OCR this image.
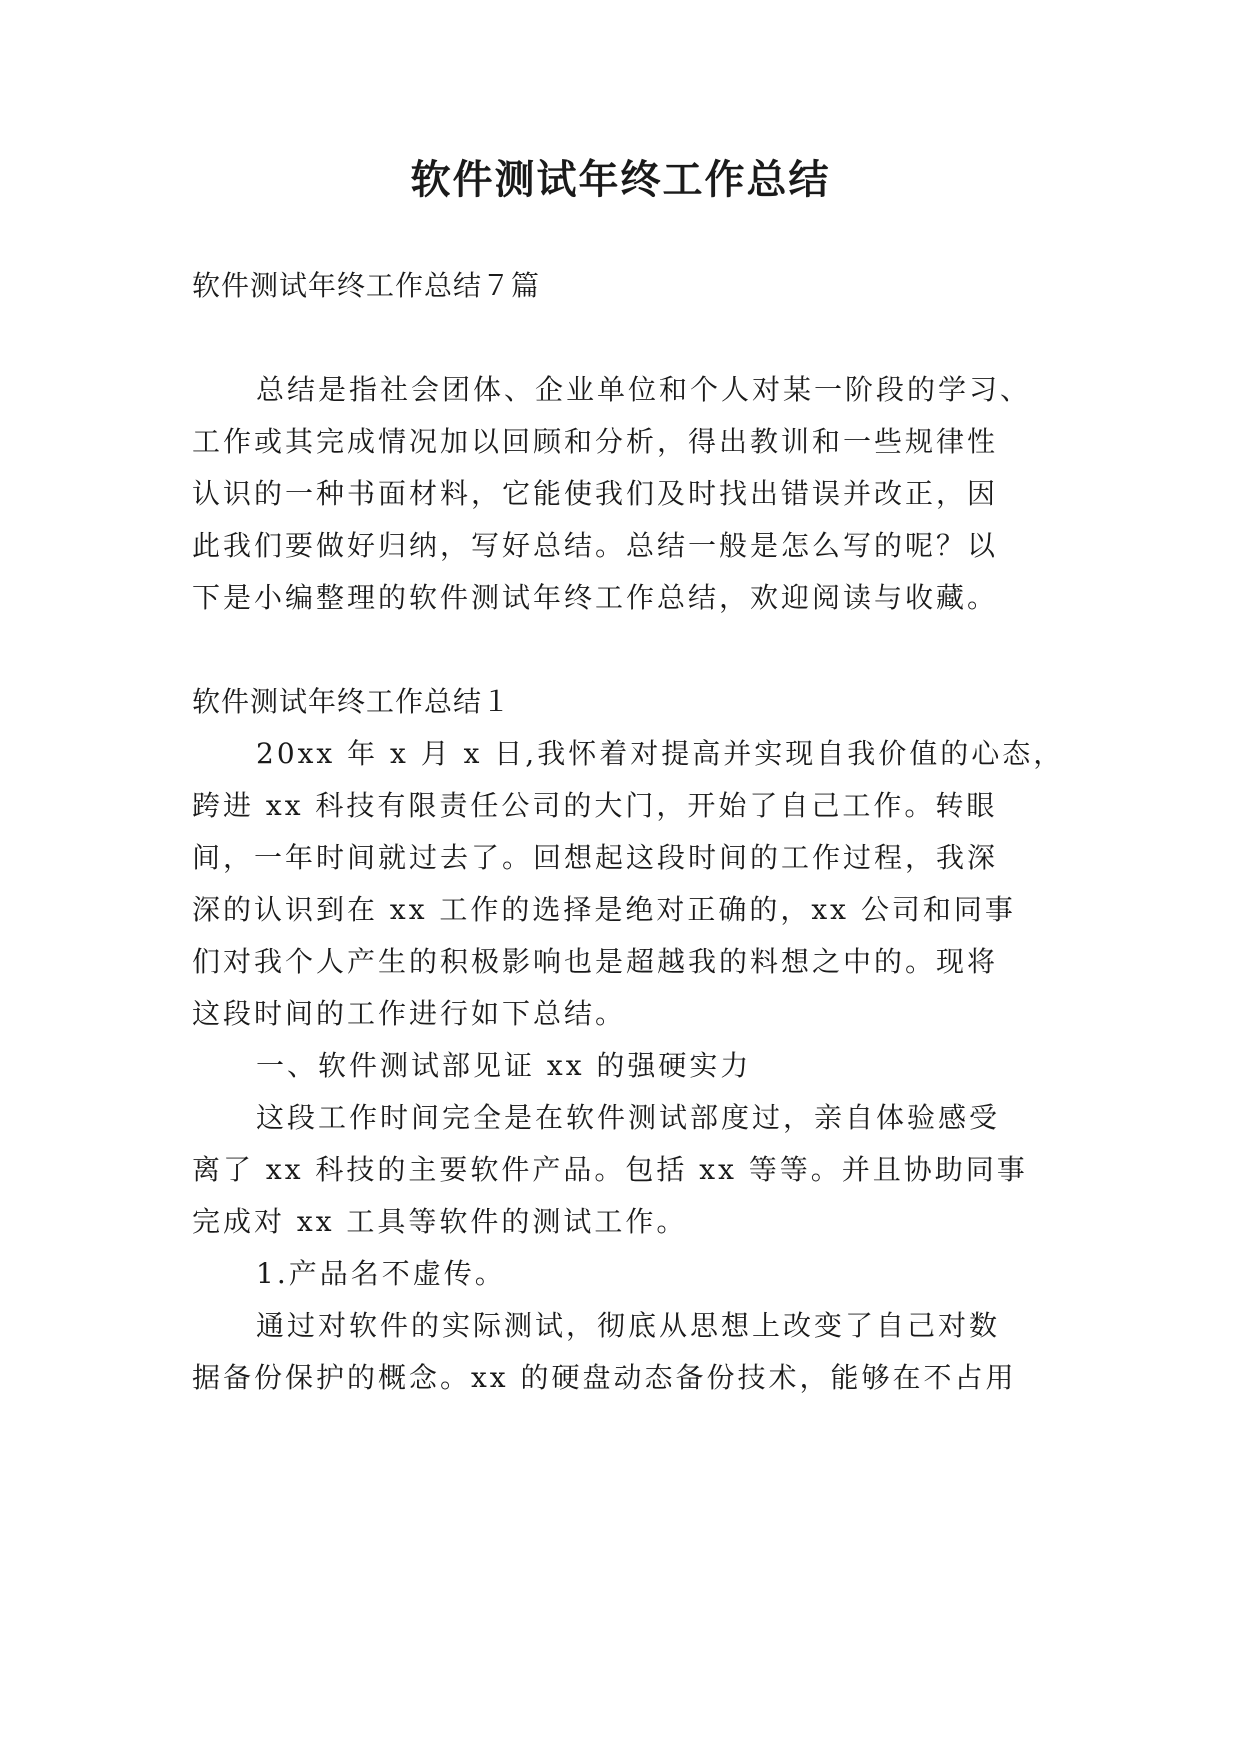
软件测试年终工作总结

软件测试年终工作总结７篇

总结是指社会团体、企业单位和个人对某一阶段的学习、

工作或其完成情况加以回顾和分析，得出教训和一些规律性

认识的一种书面材料，它能使我们及时找出错误并改正，因

此我们要做好归纳，写好总结。总结一般是怎么写的呢？以

下是小编整理的软件测试年终工作总结，欢迎阅读与收藏。

软件测试年终工作总结１

20xx 年 x 月 x 日,我怀着对提高并实现自我价值的心态，

跨进 xx 科技有限责任公司的大门，开始了自己工作。转眼

间，一年时间就过去了。回想起这段时间的工作过程，我深

深的认识到在 xx 工作的选择是绝对正确的，xx 公司和同事

们对我个人产生的积极影响也是超越我的料想之中的。现将

这段时间的工作进行如下总结。

一、软件测试部见证 xx 的强硬实力

这段工作时间完全是在软件测试部度过，亲自体验感受

离了 xx 科技的主要软件产品。包括 xx 等等。并且协助同事

完成对 xx 工具等软件的测试工作。

1.产品名不虚传。

通过对软件的实际测试，彻底从思想上改变了自己对数

据备份保护的概念。xx 的硬盘动态备份技术，能够在不占用
